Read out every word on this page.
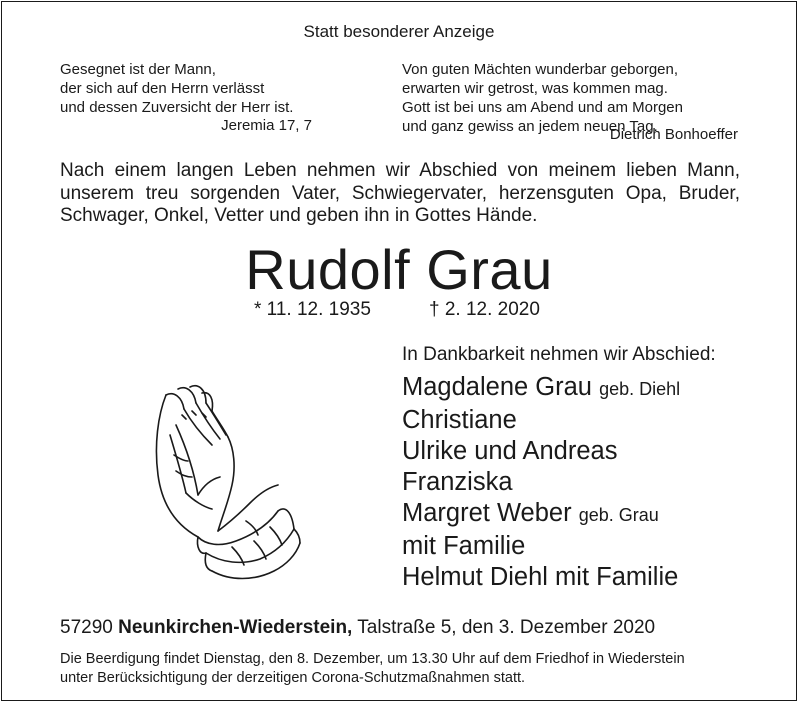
Statt besonderer Anzeige
Gesegnet ist der Mann,
der sich auf den Herrn verlässt
und dessen Zuversicht der Herr ist.
Jeremia 17, 7
Von guten Mächten wunderbar geborgen,
erwarten wir getrost, was kommen mag.
Gott ist bei uns am Abend und am Morgen
und ganz gewiss an jedem neuen Tag.
Dietrich Bonhoeffer
Nach einem langen Leben nehmen wir Abschied von meinem lieben Mann, unserem treu sorgenden Vater, Schwiegervater, herzensguten Opa, Bruder, Schwager, Onkel, Vetter und geben ihn in Gottes Hände.
Rudolf Grau
* 11. 12. 1935	† 2. 12. 2020
In Dankbarkeit nehmen wir Abschied:
Magdalene Grau geb. Diehl
Christiane
Ulrike und Andreas
Franziska
Margret Weber geb. Grau
mit Familie
Helmut Diehl mit Familie
57290 Neunkirchen-Wiederstein, Talstraße 5, den 3. Dezember 2020
Die Beerdigung findet Dienstag, den 8. Dezember, um 13.30 Uhr auf dem Friedhof in Wiederstein
unter Berücksichtigung der derzeitigen Corona-Schutzmaßnahmen statt.
